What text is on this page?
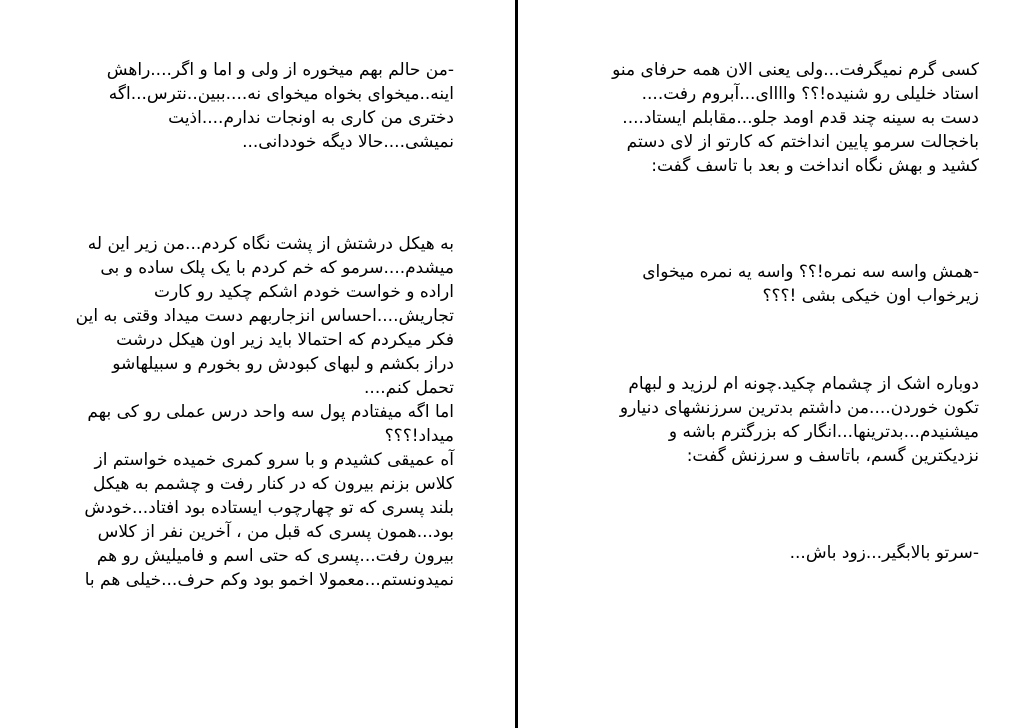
-من حالم بهم میخوره از ولی و اما و اگر....راهش
اینه..میخوای بخواه میخوای نه....ببین..نترس...اگه
دختری من کاری به اونجات ندارم....اذیت
نمیشی....حالا دیگه خوددانی...
به هیکل درشتش از پشت نگاه کردم...من زیر این له
میشدم....سرمو که خم کردم با یک پلک ساده و بی
اراده و خواست خودم اشکم چکید رو کارت
تجاریش....احساس انزجاربهم دست میداد وقتی به این
فکر میکردم که احتمالا باید زیر اون هیکل درشت
دراز بکشم و لبهای کبودش رو بخورم و سبیلهاشو
تحمل کنم....
اما اگه میفتادم پول سه واحد درس عملی رو کی بهم
میداد!؟؟؟
آه عمیقی کشیدم و با سرو کمری خمیده خواستم از
کلاس بزنم بیرون که در کنار رفت و چشمم به هیکل
بلند پسری که تو چهارچوب ایستاده بود افتاد...خودش
بود...همون پسری که قبل من ، آخرین نفر از کلاس
بیرون رفت...پسری که حتی اسم و فامیلیش رو هم
نمیدونستم...معمولا اخمو بود وکم حرف...خیلی هم با
کسی گرم نمیگرفت...ولی یعنی الان همه حرفای منو
استاد خلیلی رو شنیده!؟؟ واااای...آبروم رفت....
دست به سینه چند قدم اومد جلو...مقابلم ایستاد....
باخجالت سرمو پایین انداختم که کارتو از لای دستم
کشید و بهش نگاه انداخت و بعد با تاسف گفت:
-همش واسه سه نمره!؟؟ واسه یه نمره میخوای
زیرخواب اون خیکی بشی !؟؟؟
دوباره اشک از چشمام چکید.چونه ام لرزید و لبهام
تکون خوردن....من داشتم بدترین سرزنشهای دنیارو
میشنیدم...بدترینها...انگار که بزرگترم باشه و
نزدیکترین گسم، باتاسف و سرزنش گفت:
-سرتو بالابگیر...زود باش...
